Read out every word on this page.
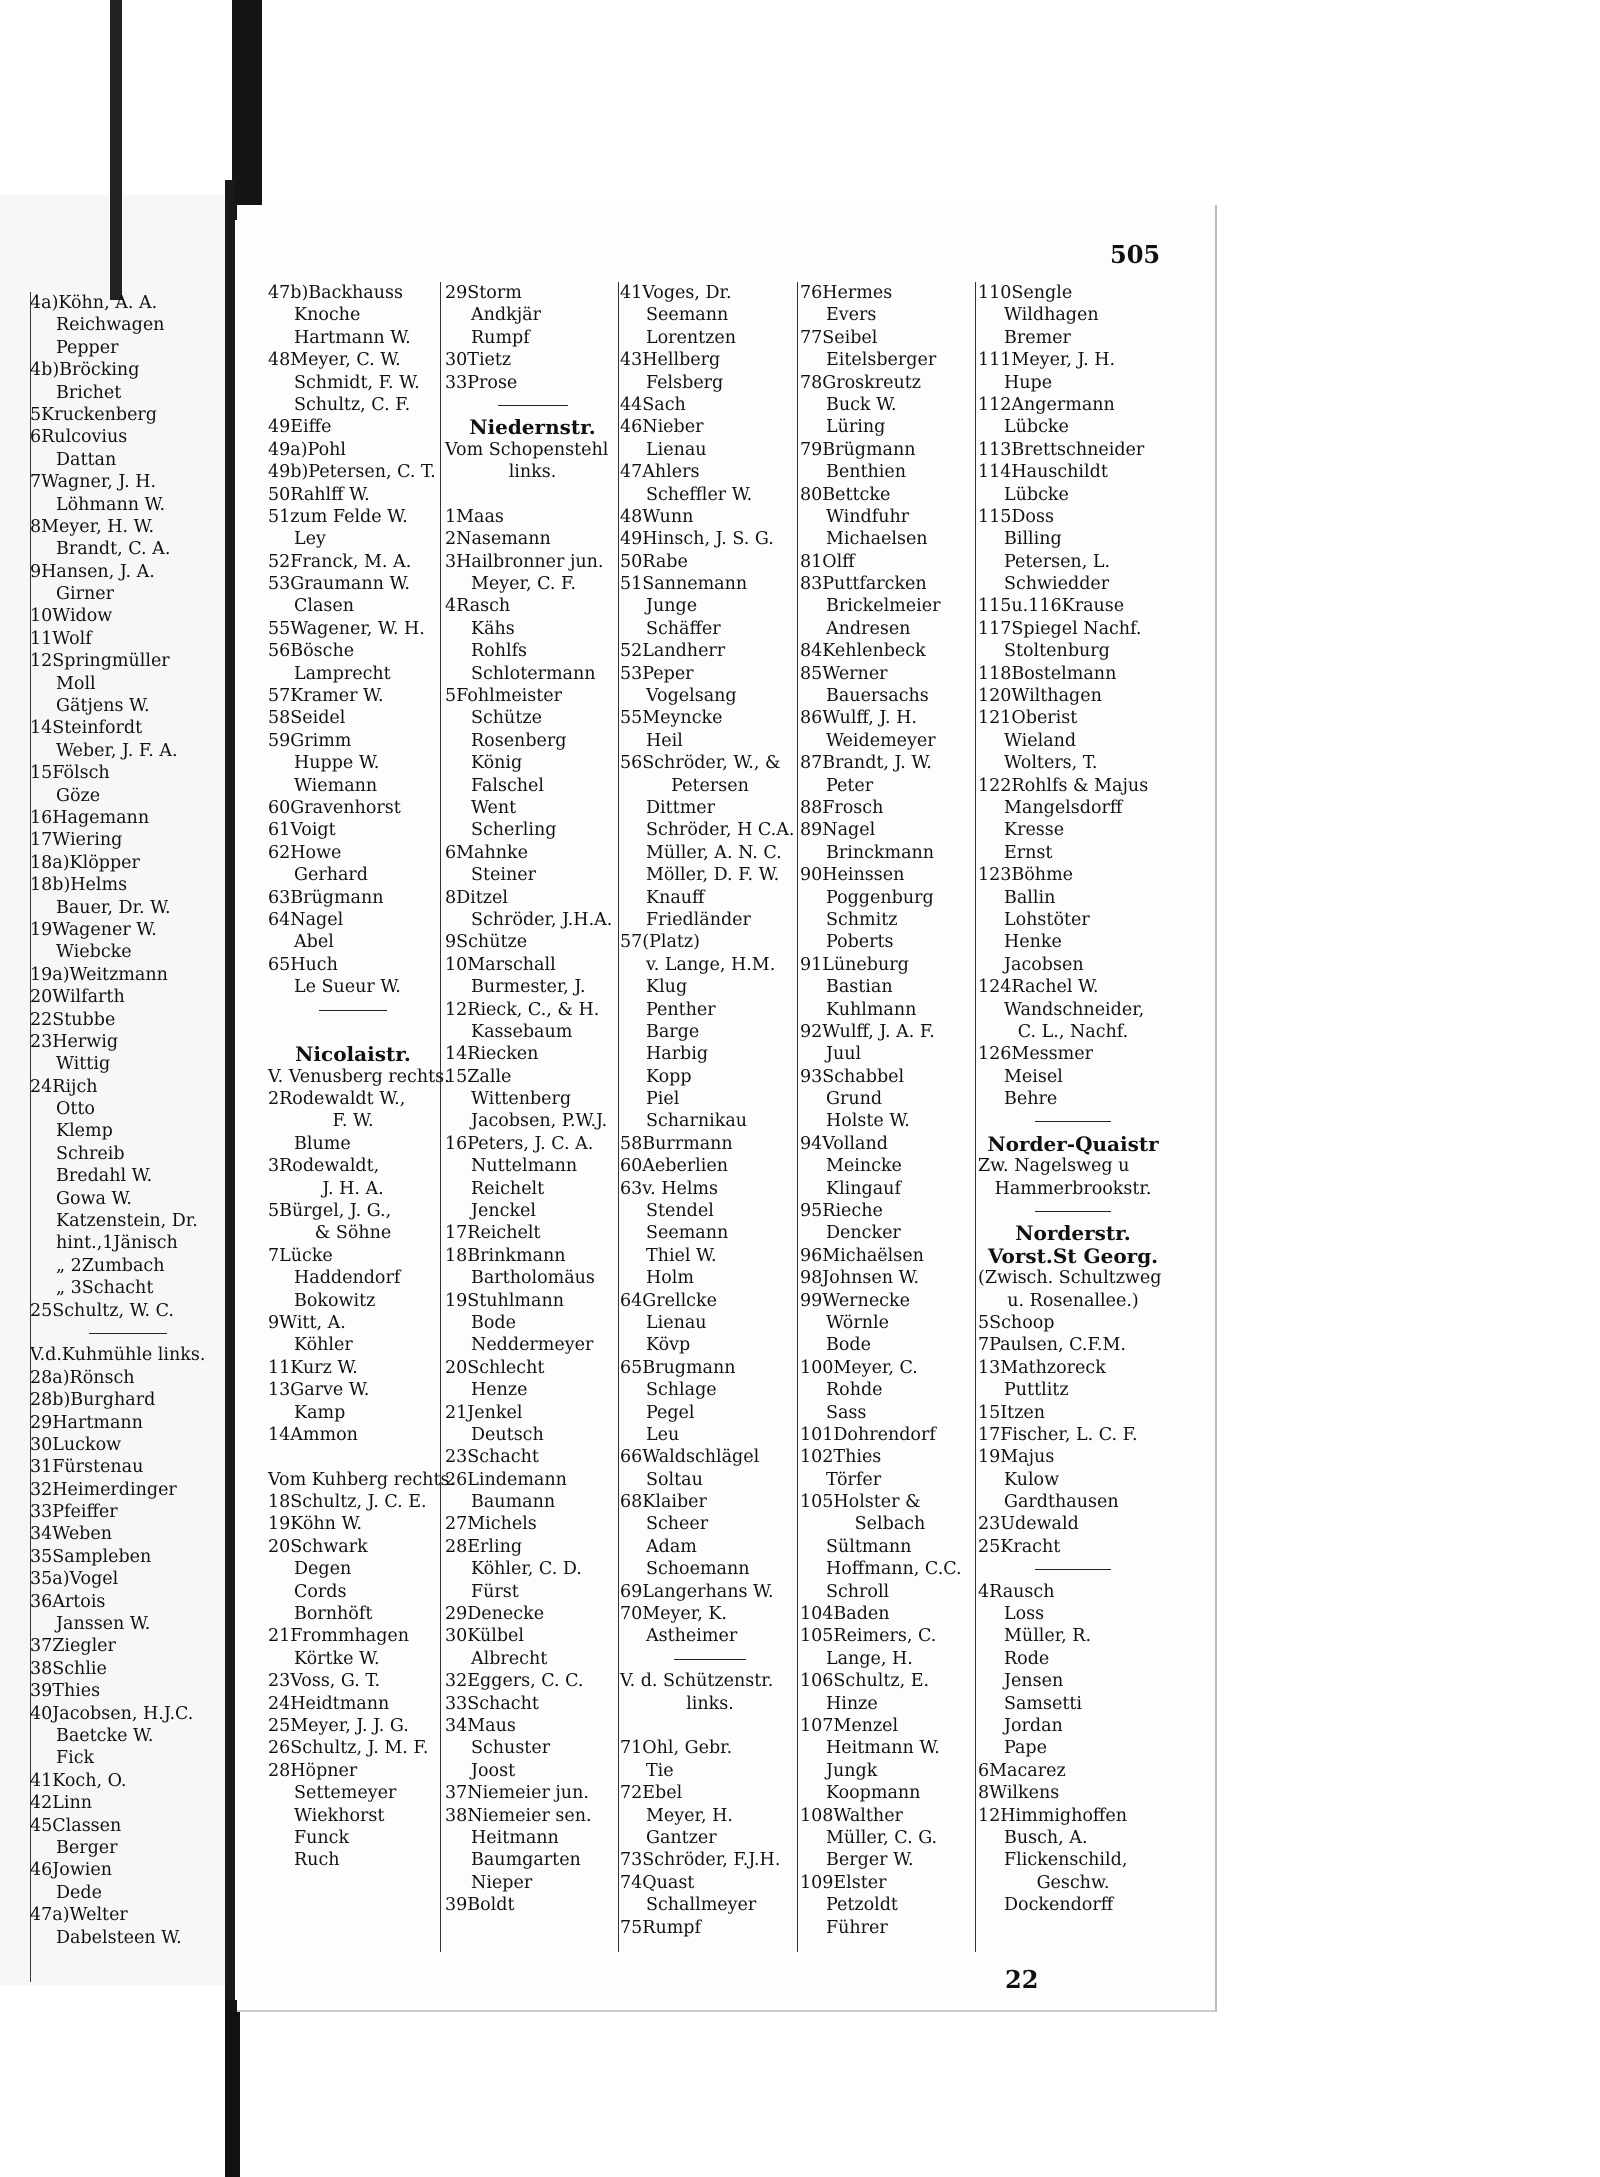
505
22
4a)Köhn, A. A.
Reichwagen
Pepper
4b)Bröcking
Brichet
5Kruckenberg
6Rulcovius
Dattan
7Wagner, J. H.
Löhmann W.
8Meyer, H. W.
Brandt, C. A.
9Hansen, J. A.
Girner
10Widow
11Wolf
12Springmüller
Moll
Gätjens W.
14Steinfordt
Weber, J. F. A.
15Fölsch
Göze
16Hagemann
17Wiering
18a)Klöpper
18b)Helms
Bauer, Dr. W.
19Wagener W.
Wiebcke
19a)Weitzmann
20Wilfarth
22Stubbe
23Herwig
Wittig
24Rijch
Otto
Klemp
Schreib
Bredahl W.
Gowa W.
Katzenstein, Dr.
hint.,1Jänisch
„ 2Zumbach
„ 3Schacht
25Schultz, W. C.
V.d.Kuhmühle links.
28a)Rönsch
28b)Burghard
29Hartmann
30Luckow
31Fürstenau
32Heimerdinger
33Pfeiffer
34Weben
35Sampleben
35a)Vogel
36Artois
Janssen W.
37Ziegler
38Schlie
39Thies
40Jacobsen, H.J.C.
Baetcke W.
Fick
41Koch, O.
42Linn
45Classen
Berger
46Jowien
Dede
47a)Welter
Dabelsteen W.
47b)Backhauss
Knoche
Hartmann W.
48Meyer, C. W.
Schmidt, F. W.
Schultz, C. F.
49Eiffe
49a)Pohl
49b)Petersen, C. T.
50Rahlff W.
51zum Felde W.
Ley
52Franck, M. A.
53Graumann W.
Clasen
55Wagener, W. H.
56Bösche
Lamprecht
57Kramer W.
58Seidel
59Grimm
Huppe W.
Wiemann
60Gravenhorst
61Voigt
62Howe
Gerhard
63Brügmann
64Nagel
Abel
65Huch
Le Sueur W.
Nicolaistr.
V. Venusberg rechts.
2Rodewaldt W.,
F. W.
Blume
3Rodewaldt,
J. H. A.
5Bürgel, J. G.,
& Söhne
7Lücke
Haddendorf
Bokowitz
9Witt, A.
Köhler
11Kurz W.
13Garve W.
Kamp
14Ammon
Vom Kuhberg rechts.
18Schultz, J. C. E.
19Köhn W.
20Schwark
Degen
Cords
Bornhöft
21Frommhagen
Körtke W.
23Voss, G. T.
24Heidtmann
25Meyer, J. J. G.
26Schultz, J. M. F.
28Höpner
Settemeyer
Wiekhorst
Funck
Ruch
29Storm
Andkjär
Rumpf
30Tietz
33Prose
Niedernstr.
Vom Schopenstehl
links.
1Maas
2Nasemann
3Hailbronner jun.
Meyer, C. F.
4Rasch
Kähs
Rohlfs
Schlotermann
5Fohlmeister
Schütze
Rosenberg
König
Falschel
Went
Scherling
6Mahnke
Steiner
8Ditzel
Schröder, J.H.A.
9Schütze
10Marschall
Burmester, J.
12Rieck, C., & H.
Kassebaum
14Riecken
15Zalle
Wittenberg
Jacobsen, P.W.J.
16Peters, J. C. A.
Nuttelmann
Reichelt
Jenckel
17Reichelt
18Brinkmann
Bartholomäus
19Stuhlmann
Bode
Neddermeyer
20Schlecht
Henze
21Jenkel
Deutsch
23Schacht
26Lindemann
Baumann
27Michels
28Erling
Köhler, C. D.
Fürst
29Denecke
30Külbel
Albrecht
32Eggers, C. C.
33Schacht
34Maus
Schuster
Joost
37Niemeier jun.
38Niemeier sen.
Heitmann
Baumgarten
Nieper
39Boldt
41Voges, Dr.
Seemann
Lorentzen
43Hellberg
Felsberg
44Sach
46Nieber
Lienau
47Ahlers
Scheffler W.
48Wunn
49Hinsch, J. S. G.
50Rabe
51Sannemann
Junge
Schäffer
52Landherr
53Peper
Vogelsang
55Meyncke
Heil
56Schröder, W., &
Petersen
Dittmer
Schröder, H C.A.
Müller, A. N. C.
Möller, D. F. W.
Knauff
Friedländer
57(Platz)
v. Lange, H.M.
Klug
Penther
Barge
Harbig
Kopp
Piel
Scharnikau
58Burrmann
60Aeberlien
63v. Helms
Stendel
Seemann
Thiel W.
Holm
64Grellcke
Lienau
Kövp
65Brugmann
Schlage
Pegel
Leu
66Waldschlägel
Soltau
68Klaiber
Scheer
Adam
Schoemann
69Langerhans W.
70Meyer, K.
Astheimer
V. d. Schützenstr.
links.
71Ohl, Gebr.
Tie
72Ebel
Meyer, H.
Gantzer
73Schröder, F.J.H.
74Quast
Schallmeyer
75Rumpf
76Hermes
Evers
77Seibel
Eitelsberger
78Groskreutz
Buck W.
Lüring
79Brügmann
Benthien
80Bettcke
Windfuhr
Michaelsen
81Olff
83Puttfarcken
Brickelmeier
Andresen
84Kehlenbeck
85Werner
Bauersachs
86Wulff, J. H.
Weidemeyer
87Brandt, J. W.
Peter
88Frosch
89Nagel
Brinckmann
90Heinssen
Poggenburg
Schmitz
Poberts
91Lüneburg
Bastian
Kuhlmann
92Wulff, J. A. F.
Juul
93Schabbel
Grund
Holste W.
94Volland
Meincke
Klingauf
95Rieche
Dencker
96Michaëlsen
98Johnsen W.
99Wernecke
Wörnle
Bode
100Meyer, C.
Rohde
Sass
101Dohrendorf
102Thies
Törfer
105Holster &
Selbach
Sültmann
Hoffmann, C.C.
Schroll
104Baden
105Reimers, C.
Lange, H.
106Schultz, E.
Hinze
107Menzel
Heitmann W.
Jungk
Koopmann
108Walther
Müller, C. G.
Berger W.
109Elster
Petzoldt
Führer
110Sengle
Wildhagen
Bremer
111Meyer, J. H.
Hupe
112Angermann
Lübcke
113Brettschneider
114Hauschildt
Lübcke
115Doss
Billing
Petersen, L.
Schwiedder
115u.116Krause
117Spiegel Nachf.
Stoltenburg
118Bostelmann
120Wilthagen
121Oberist
Wieland
Wolters, T.
122Rohlfs & Majus
Mangelsdorff
Kresse
Ernst
123Böhme
Ballin
Lohstöter
Henke
Jacobsen
124Rachel W.
Wandschneider,
C. L., Nachf.
126Messmer
Meisel
Behre
Norder-Quaistr
Zw. Nagelsweg u
Hammerbrookstr.
Norderstr.
Vorst.St Georg.
(Zwisch. Schultzweg
u. Rosenallee.)
5Schoop
7Paulsen, C.F.M.
13Mathzoreck
Puttlitz
15Itzen
17Fischer, L. C. F.
19Majus
Kulow
Gardthausen
23Udewald
25Kracht
4Rausch
Loss
Müller, R.
Rode
Jensen
Samsetti
Jordan
Pape
6Macarez
8Wilkens
12Himmighoffen
Busch, A.
Flickenschild,
Geschw.
Dockendorff
